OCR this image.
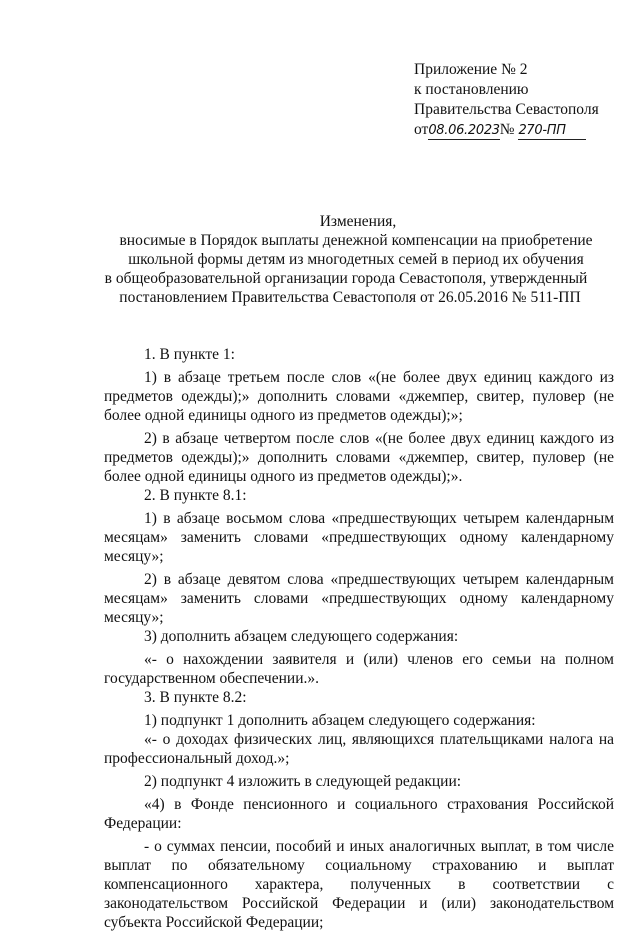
Приложение № 2
к постановлению
Правительства Севастополя
от08.06.2023№ 270-ПП
Изменения,
вносимые в Порядок выплаты денежной компенсации на приобретение
школьной формы детям из многодетных семей в период их обучения
в общеобразовательной организации города Севастополя, утвержденный
постановлением Правительства Севастополя от 26.05.2016 № 511-ПП

1. В пункте 1:

1) в абзаце третьем после слов «(не более двух единиц каждого из предметов одежды);» дополнить словами «джемпер, свитер, пуловер (не более одной единицы одного из предметов одежды);»;

2) в абзаце четвертом после слов «(не более двух единиц каждого из предметов одежды);» дополнить словами «джемпер, свитер, пуловер (не более одной единицы одного из предметов одежды);».

2. В пункте 8.1:

1) в абзаце восьмом слова «предшествующих четырем календарным месяцам» заменить словами «предшествующих одному календарному месяцу»;

2) в абзаце девятом слова «предшествующих четырем календарным месяцам» заменить словами «предшествующих одному календарному месяцу»;

3) дополнить абзацем следующего содержания:

«- о нахождении заявителя и (или) членов его семьи на полном государственном обеспечении.».

3. В пункте 8.2:

1) подпункт 1 дополнить абзацем следующего содержания:

«- о доходах физических лиц, являющихся плательщиками налога на профессиональный доход.»;

2) подпункт 4 изложить в следующей редакции:

«4) в Фонде пенсионного и социального страхования Российской Федерации:

- о суммах пенсии, пособий и иных аналогичных выплат, в том числе выплат по обязательному социальному страхованию и выплат компенсационного характера, полученных в соответствии с законодательством Российской Федерации и (или) законодательством субъекта Российской Федерации;
